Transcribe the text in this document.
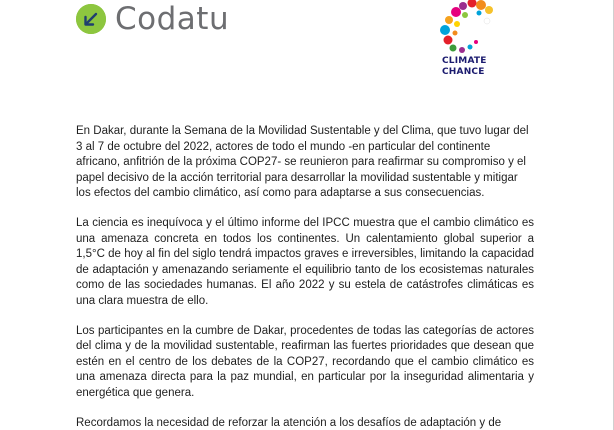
Codatu
CLIMATE
CHANCE

En Dakar, durante la Semana de la Movilidad Sustentable y del Clima, que tuvo lugar del 3 al 7 de octubre del 2022, actores de todo el mundo -en particular del continente africano, anfitrión de la próxima COP27- se reunieron para reafirmar su compromiso y el papel decisivo de la acción territorial para desarrollar la movilidad sustentable y mitigar los efectos del cambio climático, así como para adaptarse a sus consecuencias.

La ciencia es inequívoca y el último informe del IPCC muestra que el cambio climático es una amenaza concreta en todos los continentes. Un calentamiento global superior a 1,5°C de hoy al fin del siglo tendrá impactos graves e irreversibles, limitando la capacidad de adaptación y amenazando seriamente el equilibrio tanto de los ecosistemas naturales como de las sociedades humanas. El año 2022 y su estela de catástrofes climáticas es una clara muestra de ello.

Los participantes en la cumbre de Dakar, procedentes de todas las categorías de actores del clima y de la movilidad sustentable, reafirman las fuertes prioridades que desean que estén en el centro de los debates de la COP27, recordando que el cambio climático es una amenaza directa para la paz mundial, en particular por la inseguridad alimentaria y energética que genera.

Recordamos la necesidad de reforzar la atención a los desafíos de adaptación y de
